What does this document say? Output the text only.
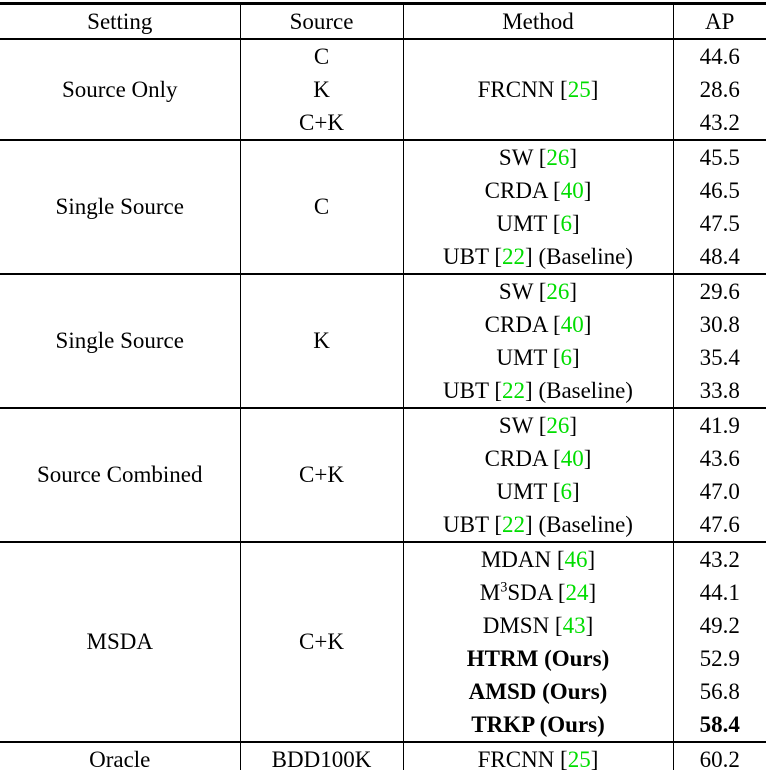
Setting	Source	Method	AP
Source Only	C	FRCNN [25]	44.6
	K		28.6
	C+K		43.2
Single Source	C	SW [26]	45.5
		CRDA [40]	46.5
		UMT [6]	47.5
		UBT [22] (Baseline)	48.4
Single Source	K	SW [26]	29.6
		CRDA [40]	30.8
		UMT [6]	35.4
		UBT [22] (Baseline)	33.8
Source Combined	C+K	SW [26]	41.9
		CRDA [40]	43.6
		UMT [6]	47.0
		UBT [22] (Baseline)	47.6
MSDA	C+K	MDAN [46]	43.2
		$M^3SDA$ [24]	44.1
		DMSN [43]	49.2
		HTRM (Ours)	52.9
		AMSD (Ours)	56.8
		TRKP (Ours)	58.4
Oracle	BDD100K	FRCNN [25]	60.2
